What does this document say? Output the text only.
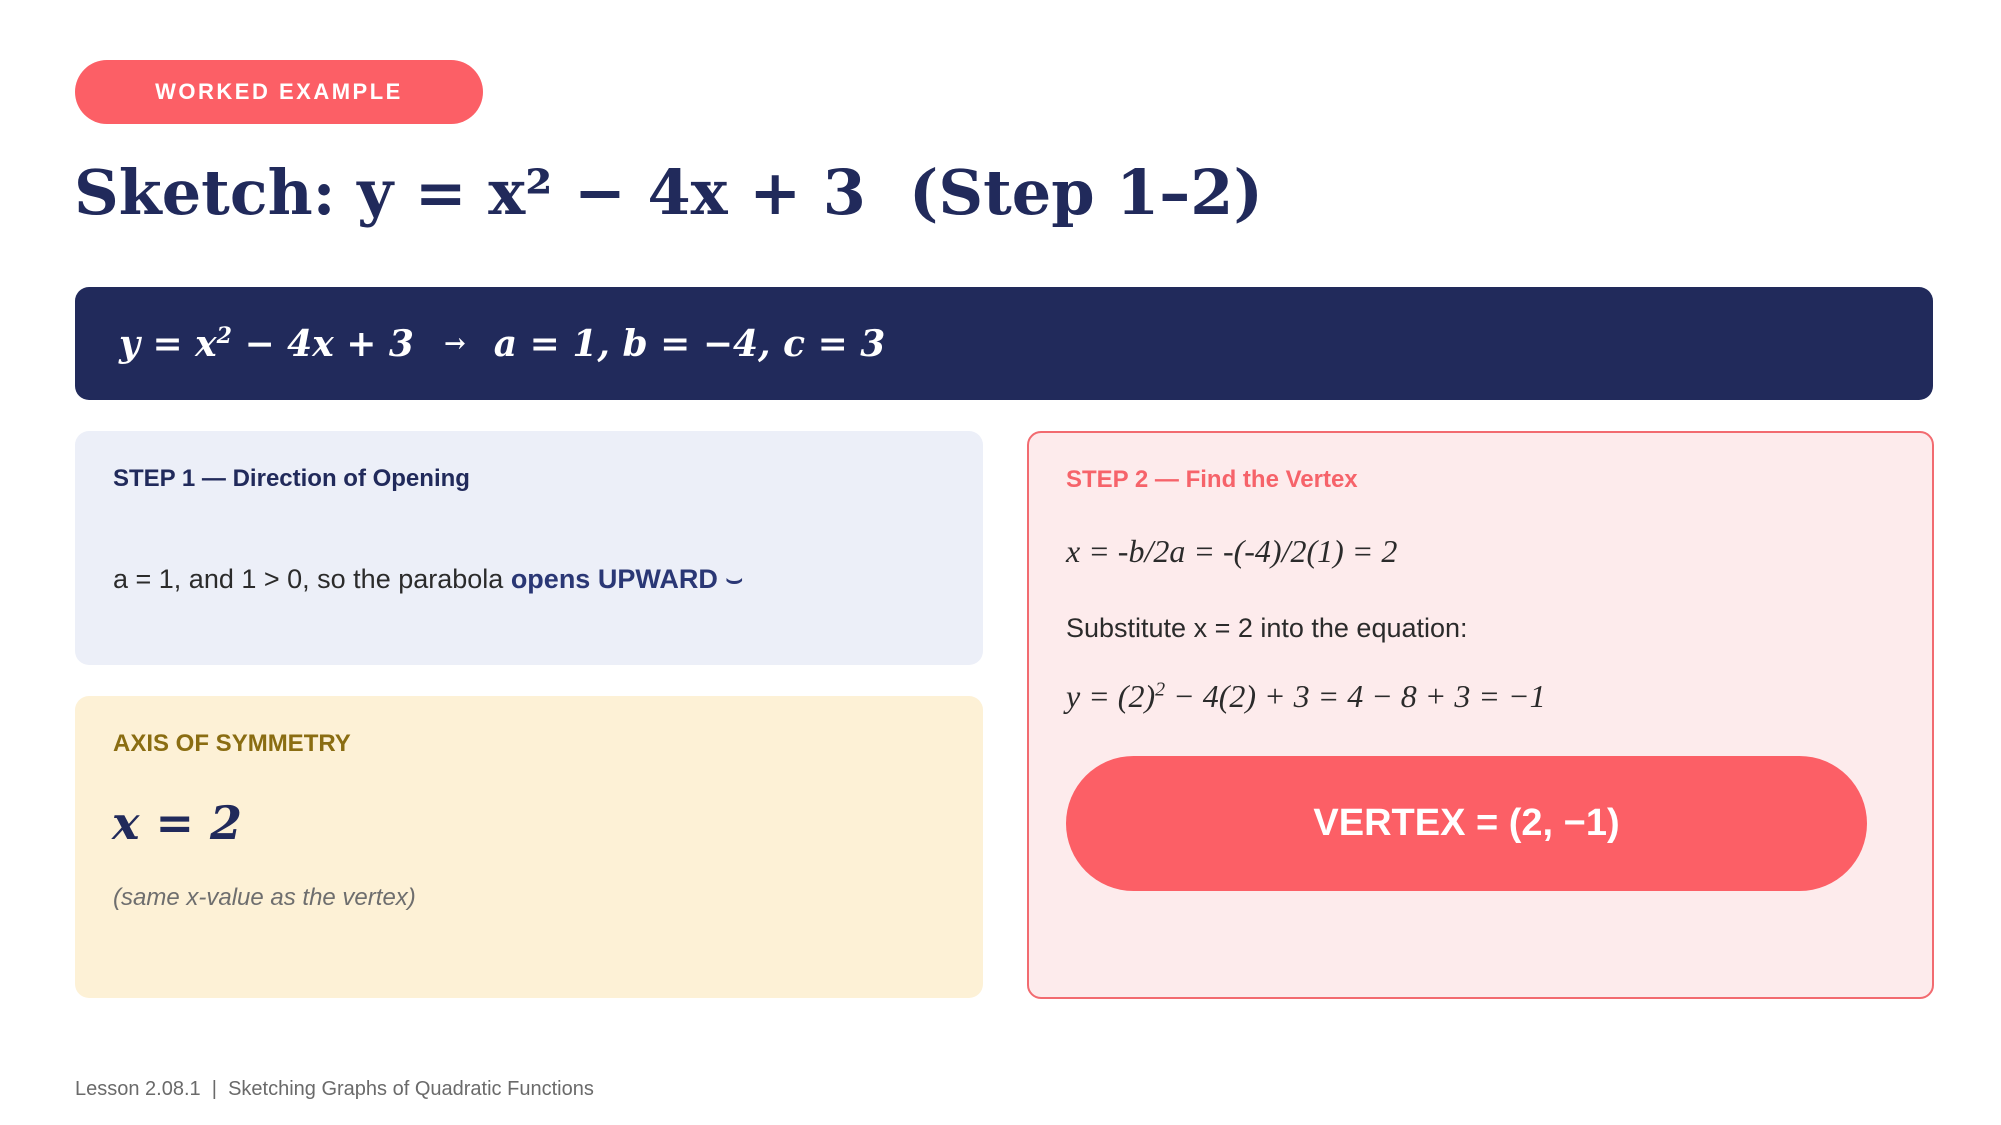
WORKED EXAMPLE
Sketch: y = x² − 4x + 3  (Step 1–2)
$y = x^2 - 4x + 3 \to a = 1$, b = −4, c = 3
STEP 1 — Direction of Opening
a = 1, and 1 > 0, so the parabola opens UPWARD ⌣
AXIS OF SYMMETRY
x = 2
(same x-value as the vertex)
STEP 2 — Find the Vertex
x = -b/2a = -(-4)/2(1) = 2
Substitute x = 2 into the equation:
$y = (2)^2 - 4(2) + 3 = 4 - 8 + 3 = -1$
VERTEX = (2, −1)
Lesson 2.08.1  |  Sketching Graphs of Quadratic Functions
